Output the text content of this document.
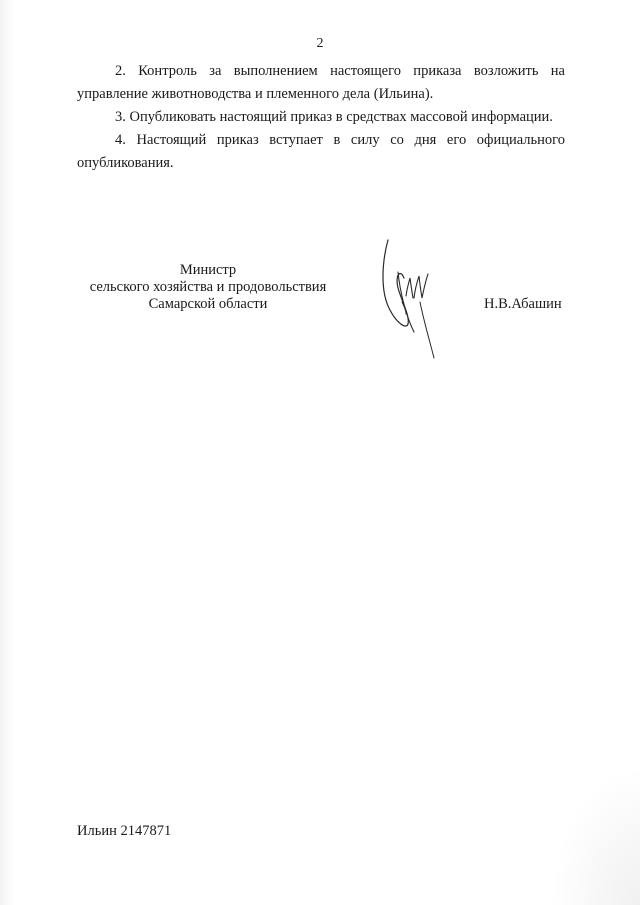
2

2. Контроль за выполнением настоящего приказа возложить на управление животноводства и племенного дела (Ильина).

3. Опубликовать настоящий приказ в средствах массовой информации.

4. Настоящий приказ вступает в силу со дня его официального опубликования.

Министр
сельского хозяйства и продовольствия
Самарской области	Н.В.Абашин
Ильин 2147871
